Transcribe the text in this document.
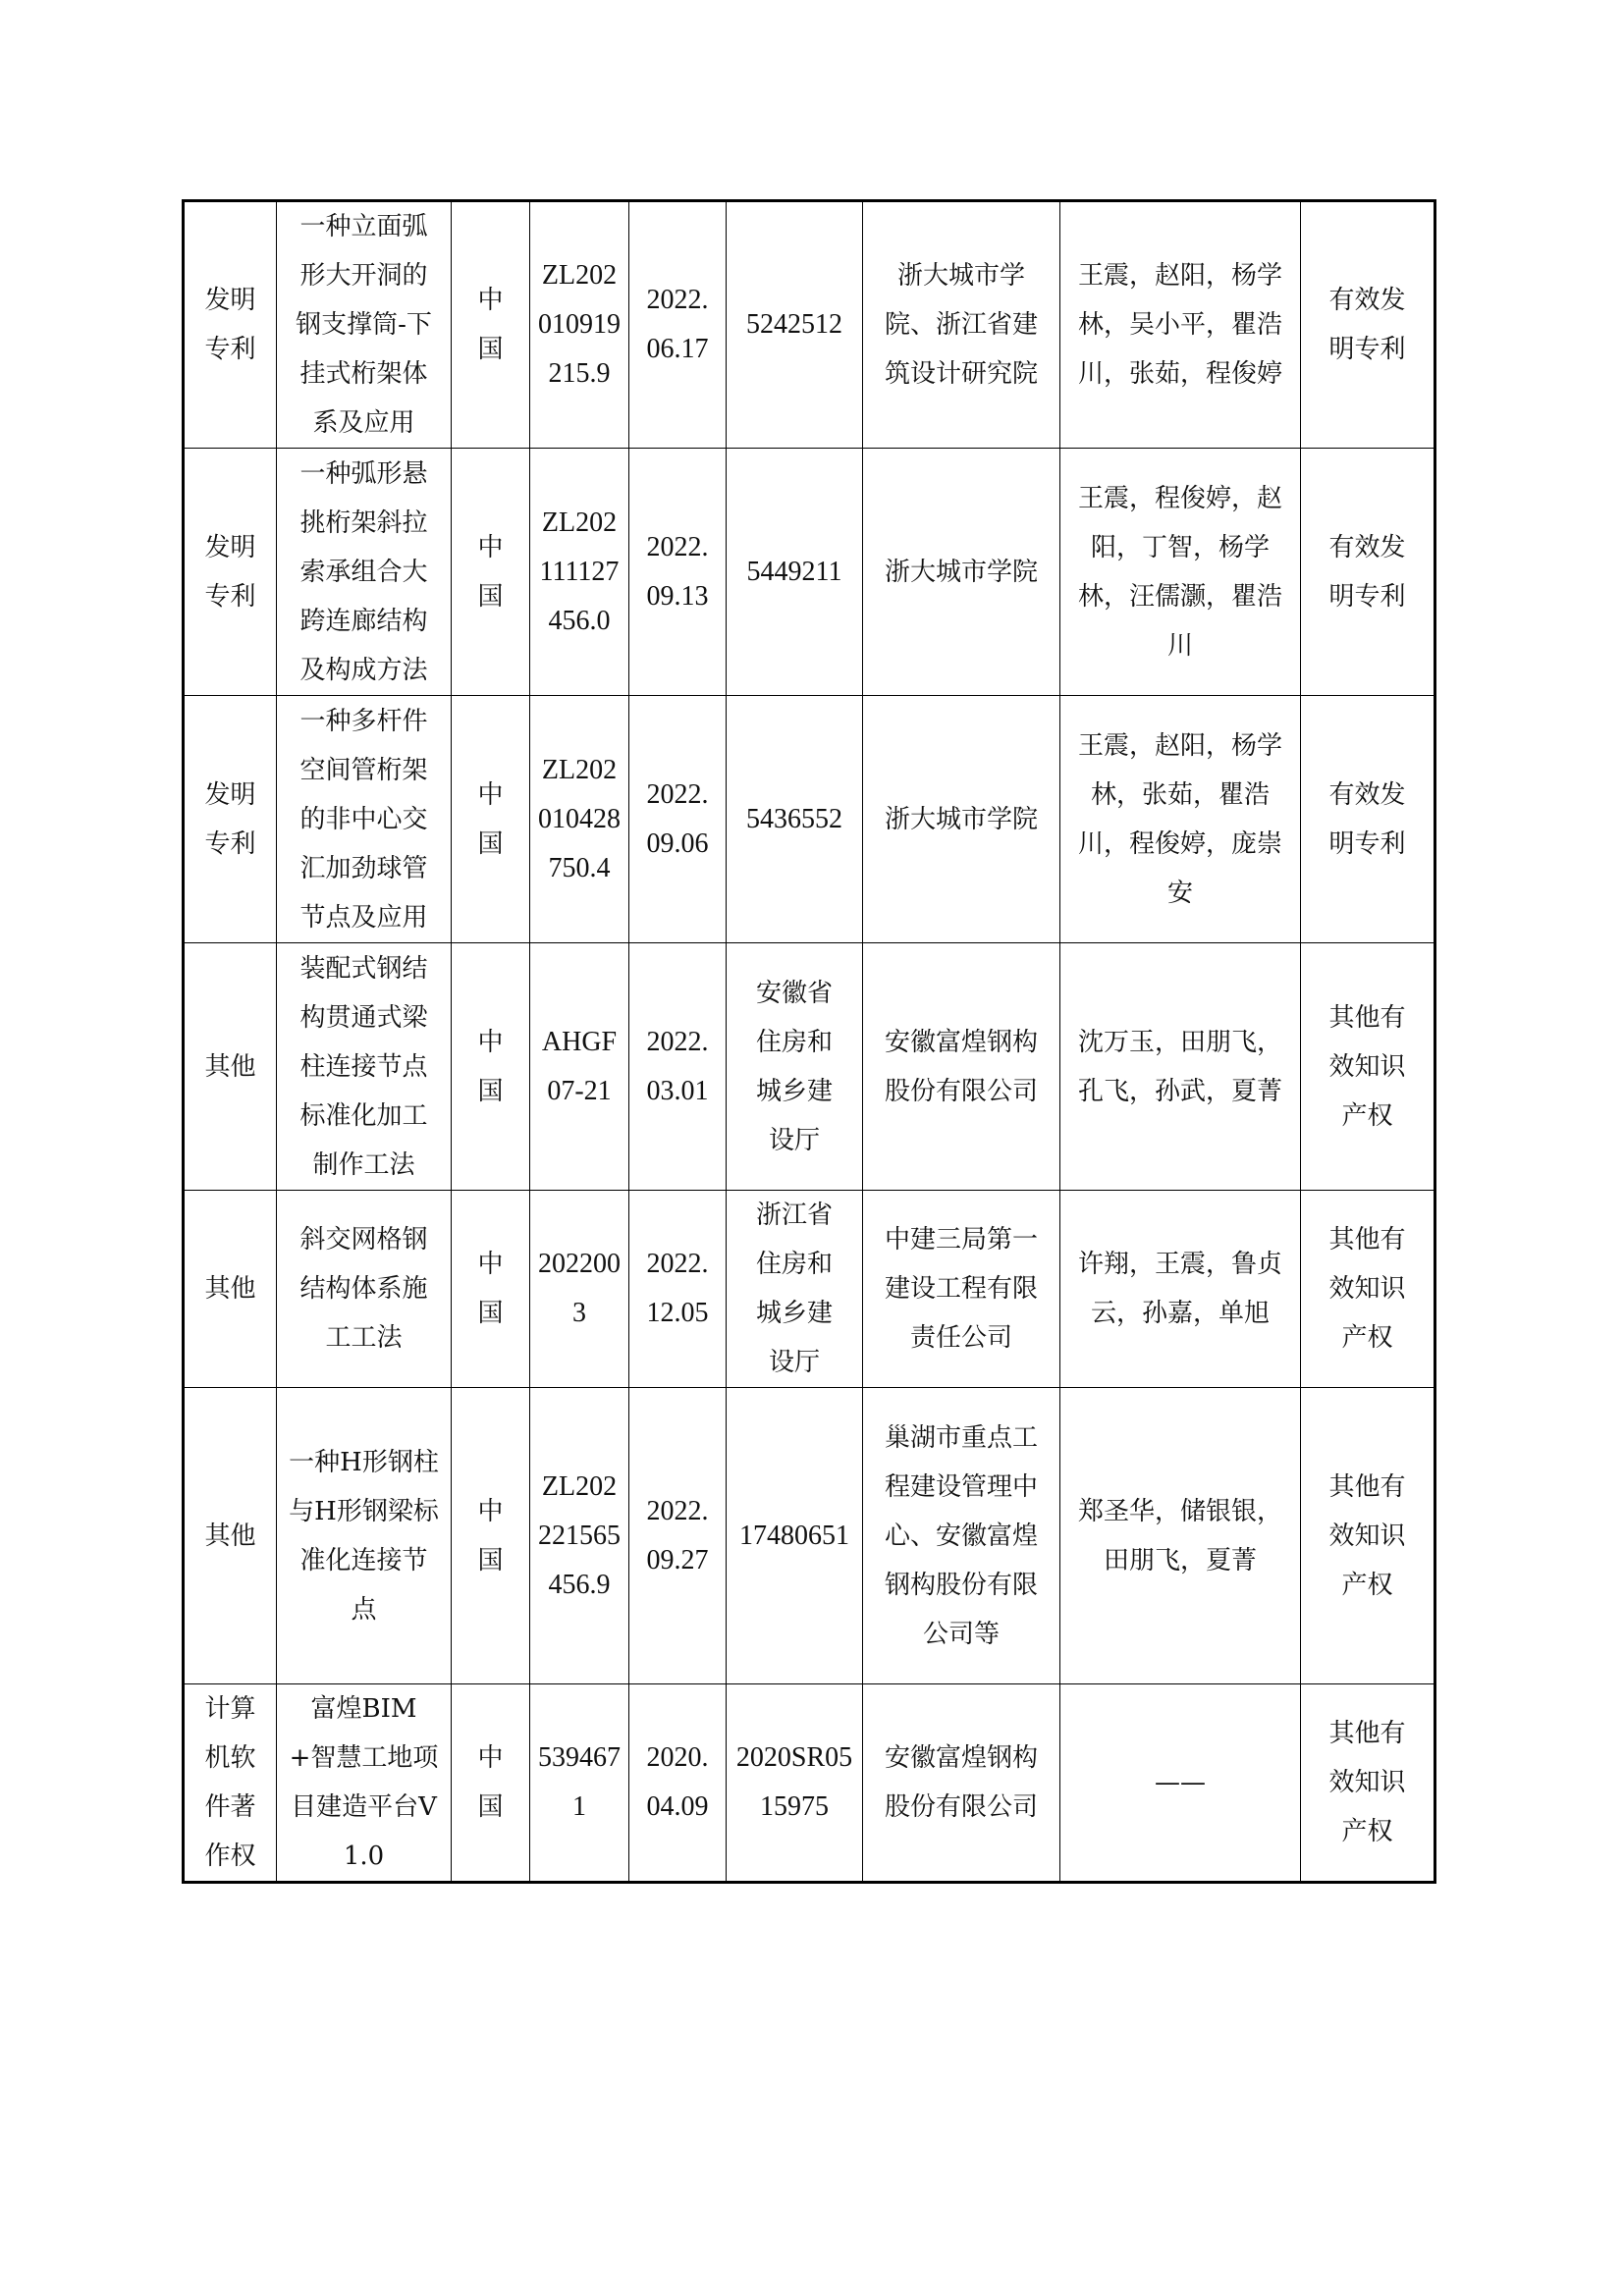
发明专利	一种立面弧形大开洞的钢支撑筒-下挂式桁架体系及应用	中国	ZL202010919215.9	2022.06.17	5242512	浙大城市学院、浙江省建筑设计研究院	王震，赵阳，杨学林，吴小平，瞿浩川，张茹，程俊婷	有效发明专利
发明专利	一种弧形悬挑桁架斜拉索承组合大跨连廊结构及构成方法	中国	ZL202111127456.0	2022.09.13	5449211	浙大城市学院	王震，程俊婷，赵阳，丁智，杨学林，汪儒灏，瞿浩川	有效发明专利
发明专利	一种多杆件空间管桁架的非中心交汇加劲球管节点及应用	中国	ZL202010428750.4	2022.09.06	5436552	浙大城市学院	王震，赵阳，杨学林，张茹，瞿浩川，程俊婷，庞崇安	有效发明专利
其他	装配式钢结构贯通式梁柱连接节点标准化加工制作工法	中国	AHGF07-21	2022.03.01	安徽省住房和城乡建设厅	安徽富煌钢构股份有限公司	沈万玉，田朋飞，孔飞，孙武，夏菁	其他有效知识产权
其他	斜交网格钢结构体系施工工法	中国	2022003	2022.12.05	浙江省住房和城乡建设厅	中建三局第一建设工程有限责任公司	许翔，王震，鲁贞云，孙嘉，单旭	其他有效知识产权
其他	一种H形钢柱与H形钢梁标准化连接节点	中国	ZL202221565456.9	2022.09.27	17480651	巢湖市重点工程建设管理中心、安徽富煌钢构股份有限公司等	郑圣华，储银银，田朋飞，夏菁	其他有效知识产权
计算机软件著作权	富煌BIM+智慧工地项目建造平台V1.0	中国	5394671	2020.04.09	2020SR0515975	安徽富煌钢构股份有限公司	——	其他有效知识产权
